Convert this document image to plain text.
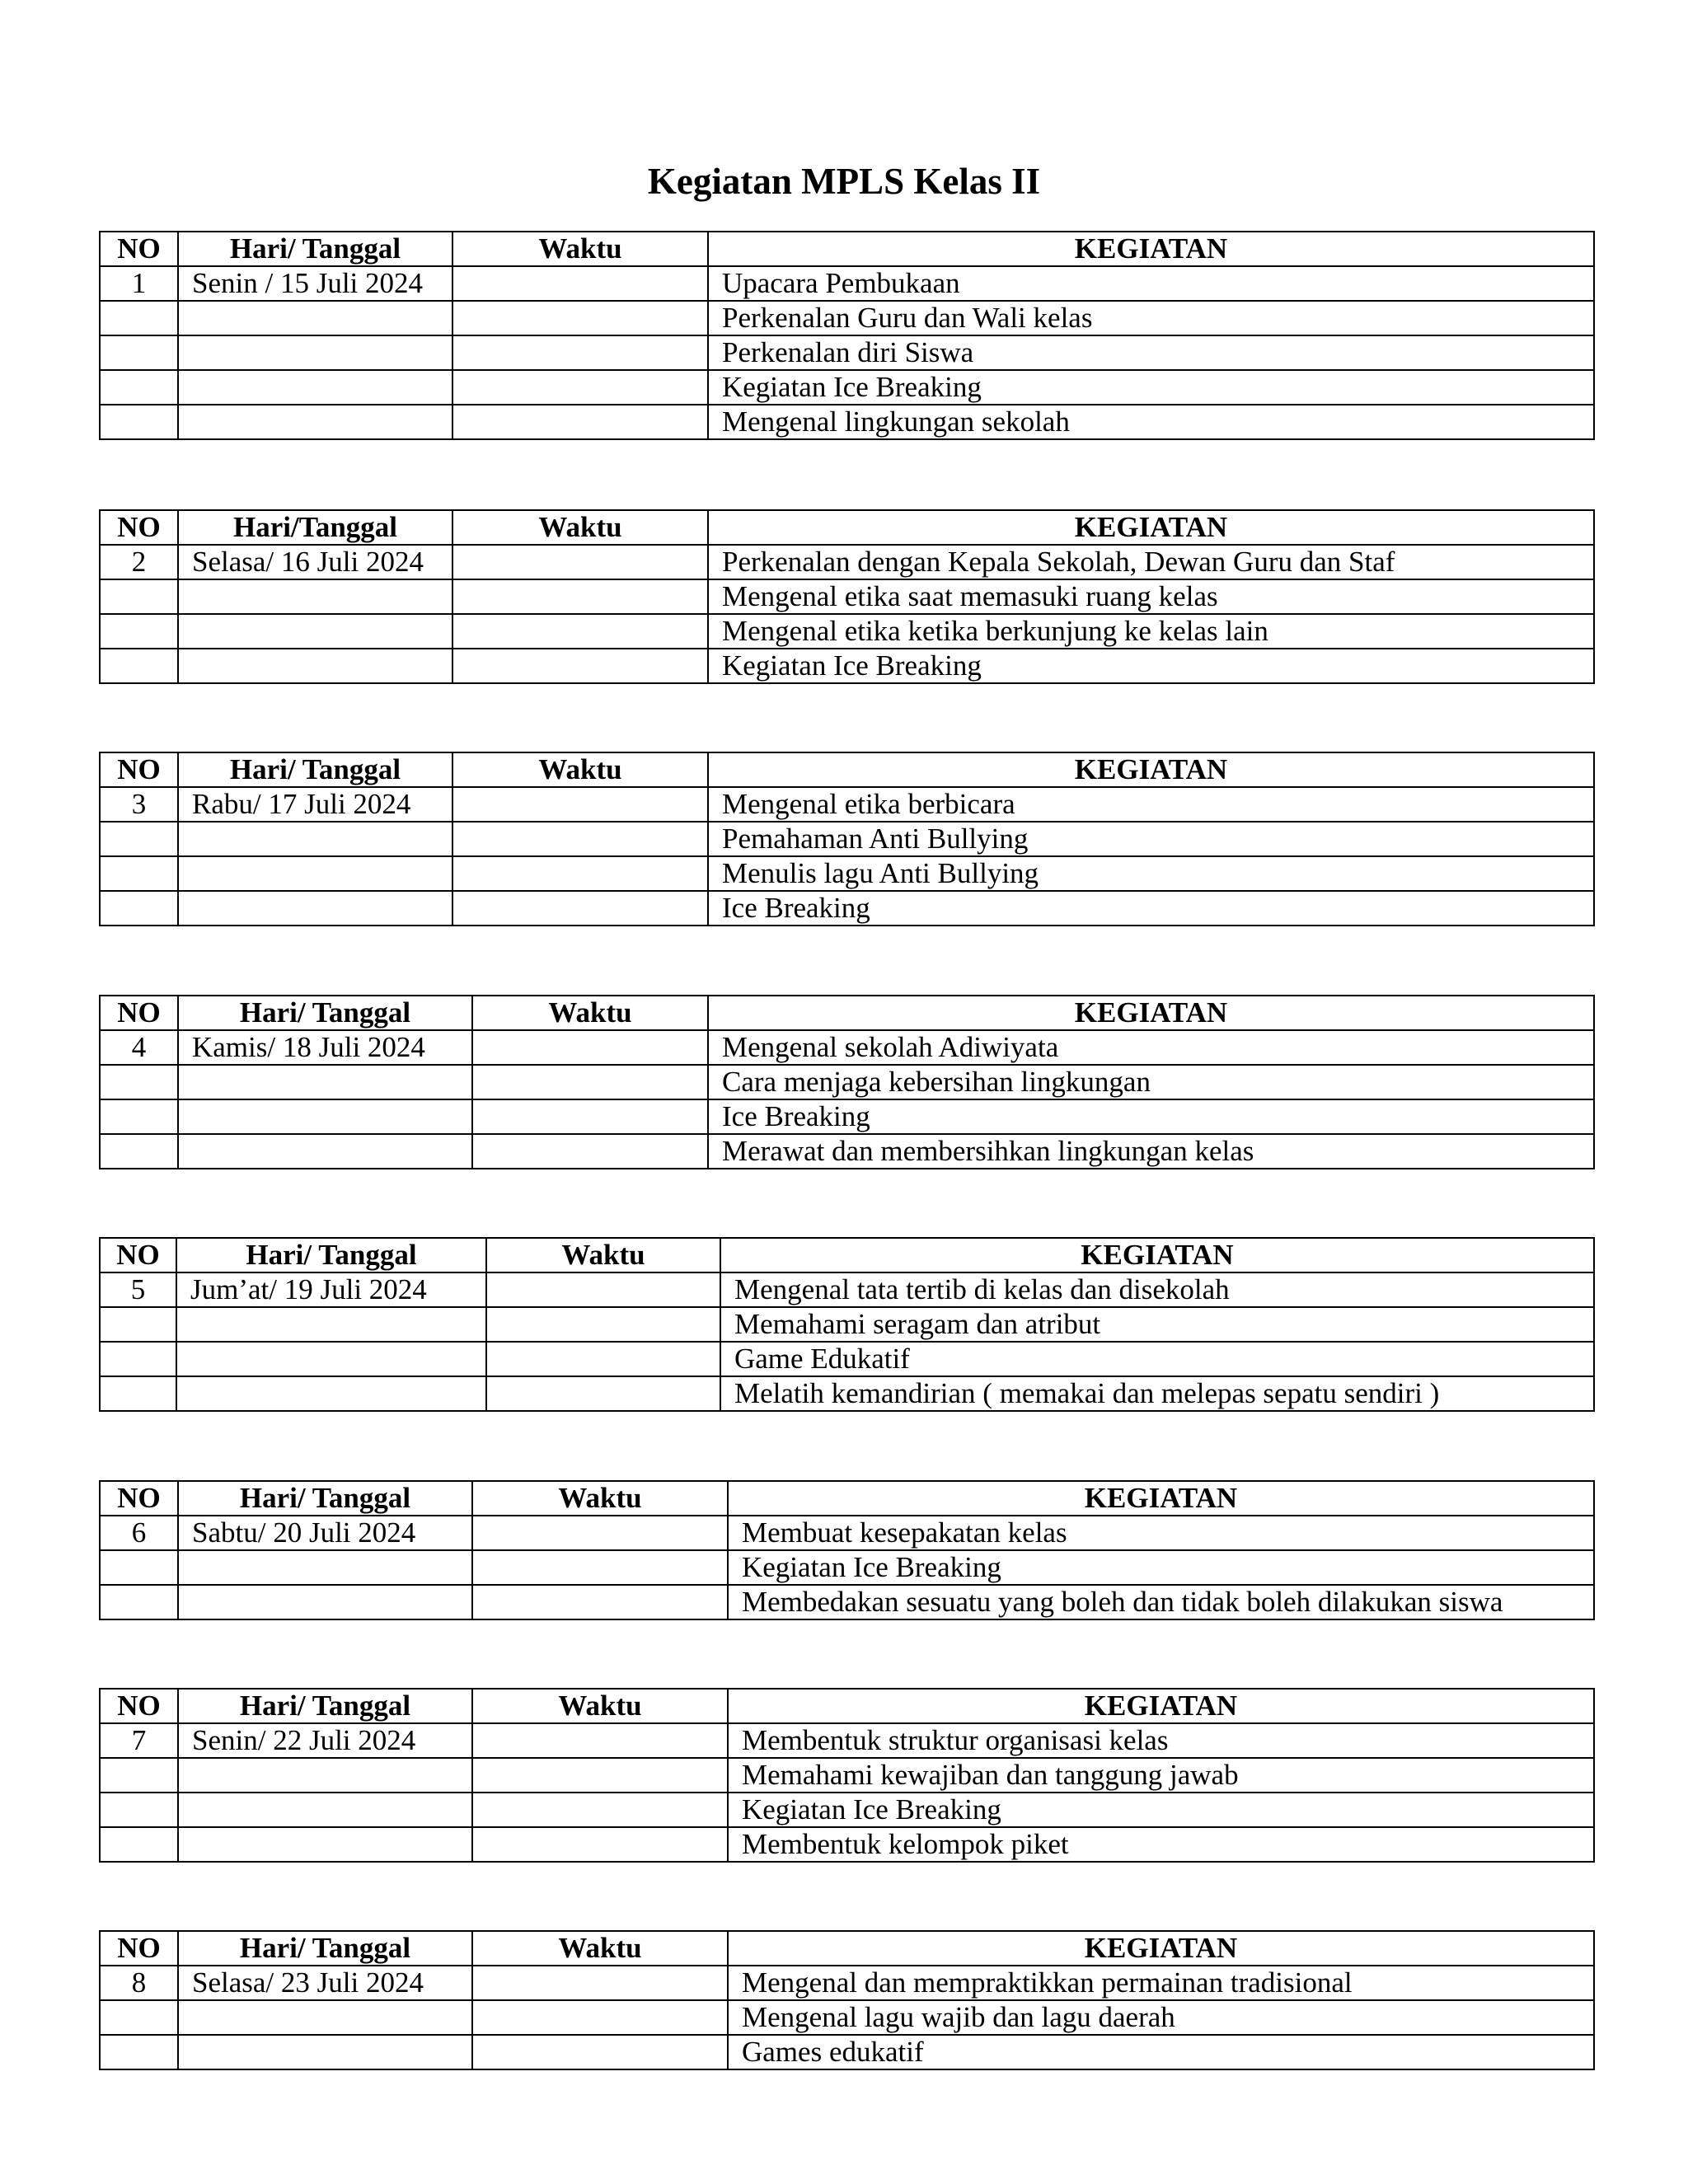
Kegiatan MPLS Kelas II
NO	Hari/ Tanggal	Waktu	KEGIATAN
1	Senin / 15 Juli 2024		Upacara Pembukaan
			Perkenalan Guru dan Wali kelas
			Perkenalan diri Siswa
			Kegiatan Ice Breaking
			Mengenal lingkungan sekolah
NO	Hari/Tanggal	Waktu	KEGIATAN
2	Selasa/ 16 Juli 2024		Perkenalan dengan Kepala Sekolah, Dewan Guru dan Staf
			Mengenal etika saat memasuki ruang kelas
			Mengenal etika ketika berkunjung ke kelas lain
			Kegiatan Ice Breaking
NO	Hari/ Tanggal	Waktu	KEGIATAN
3	Rabu/ 17 Juli 2024		Mengenal etika berbicara
			Pemahaman Anti Bullying
			Menulis lagu Anti Bullying
			Ice Breaking
NO	Hari/ Tanggal	Waktu	KEGIATAN
4	Kamis/ 18 Juli 2024		Mengenal sekolah Adiwiyata
			Cara menjaga kebersihan lingkungan
			Ice Breaking
			Merawat dan membersihkan lingkungan kelas
NO	Hari/ Tanggal	Waktu	KEGIATAN
5	Jum’at/ 19 Juli 2024		Mengenal tata tertib di kelas dan disekolah
			Memahami seragam dan atribut
			Game Edukatif
			Melatih kemandirian ( memakai dan melepas sepatu sendiri )
NO	Hari/ Tanggal	Waktu	KEGIATAN
6	Sabtu/ 20 Juli 2024		Membuat kesepakatan kelas
			Kegiatan Ice Breaking
			Membedakan sesuatu yang boleh dan tidak boleh dilakukan siswa
NO	Hari/ Tanggal	Waktu	KEGIATAN
7	Senin/ 22 Juli 2024		Membentuk struktur organisasi kelas
			Memahami kewajiban dan tanggung jawab
			Kegiatan Ice Breaking
			Membentuk kelompok piket
NO	Hari/ Tanggal	Waktu	KEGIATAN
8	Selasa/ 23 Juli 2024		Mengenal dan mempraktikkan permainan tradisional
			Mengenal lagu wajib dan lagu daerah
			Games edukatif
